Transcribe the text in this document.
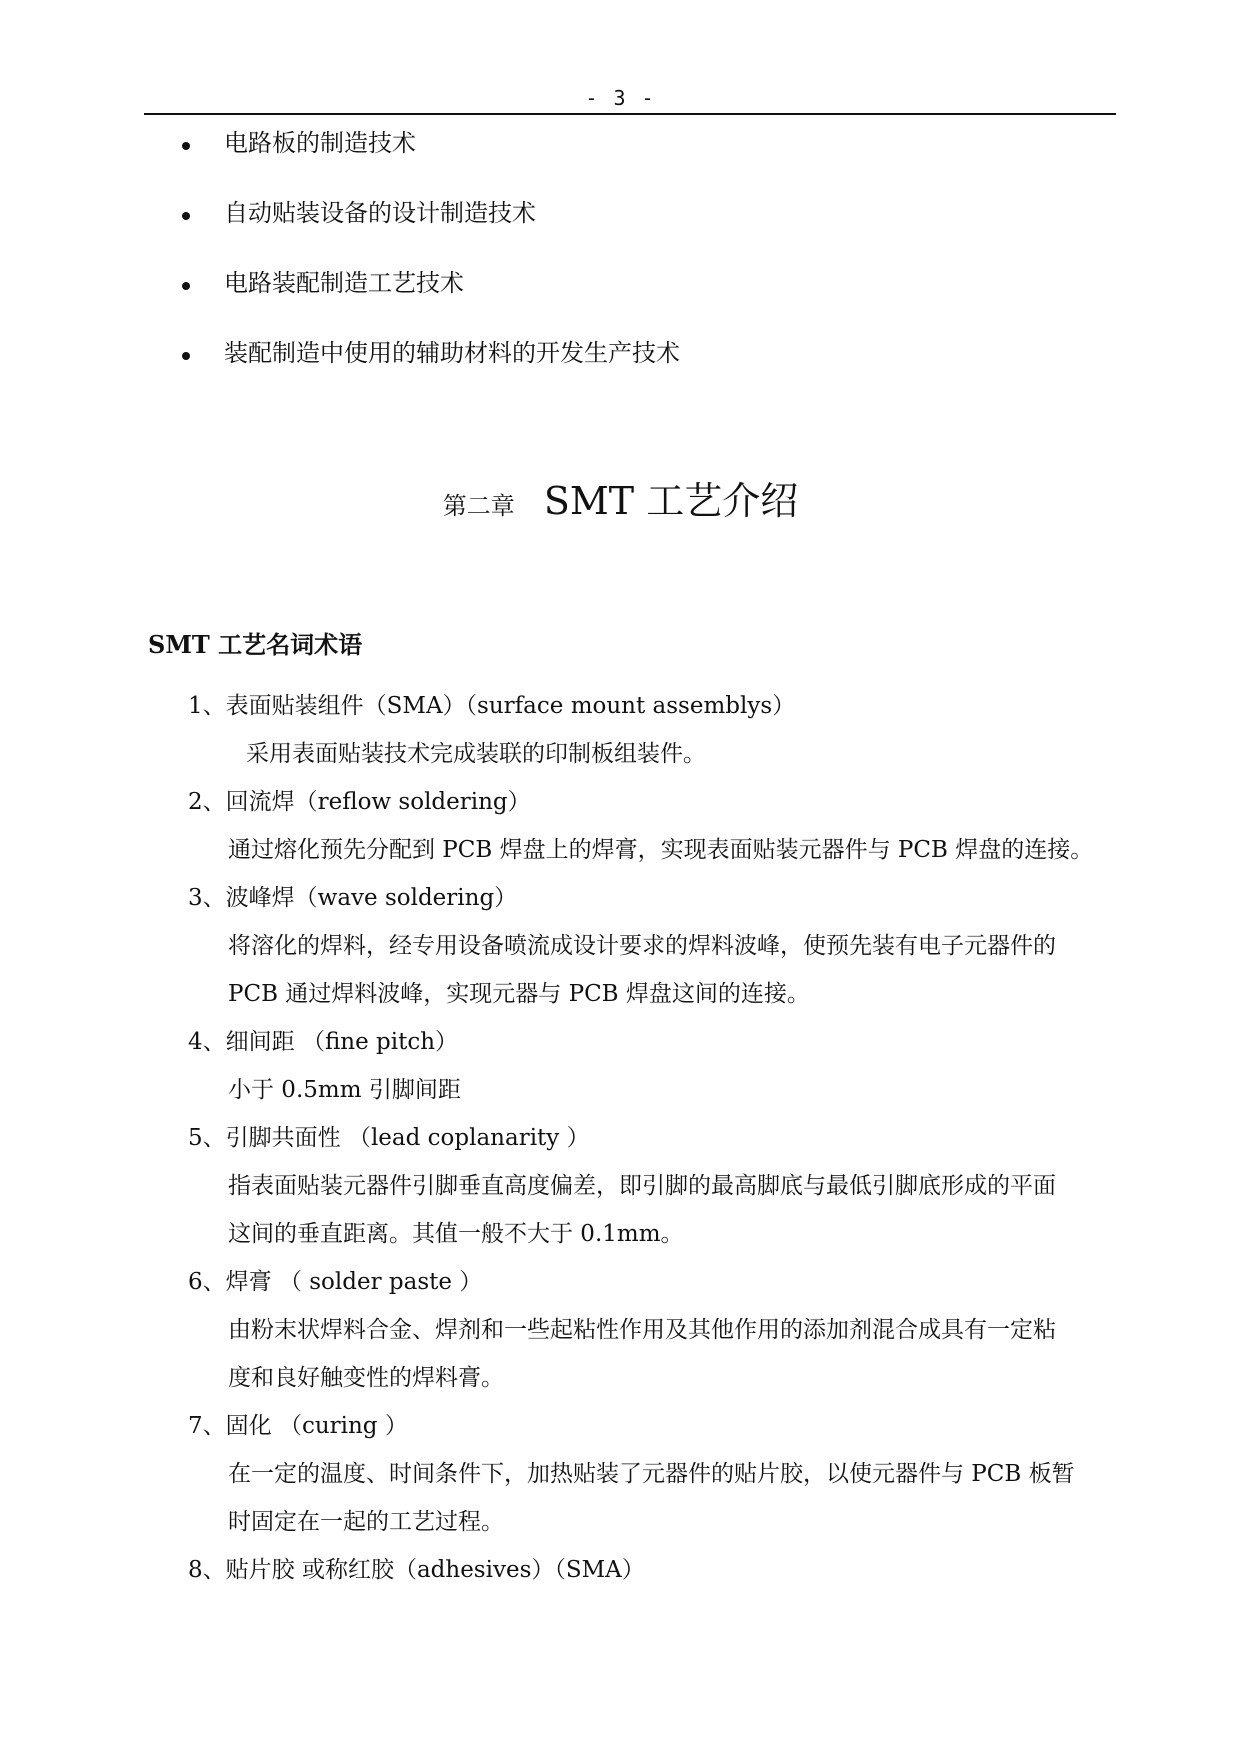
- 3 -
电路板的制造技术
自动贴装设备的设计制造技术
电路装配制造工艺技术
装配制造中使用的辅助材料的开发生产技术
第二章 SMT 工艺介绍
SMT 工艺名词术语

1、表面贴装组件（SMA）（surface mount assemblys）

采用表面贴装技术完成装联的印制板组装件。

2、回流焊（reflow soldering）

通过熔化预先分配到 PCB 焊盘上的焊膏，实现表面贴装元器件与 PCB 焊盘的连接。

3、波峰焊（wave soldering）

将溶化的焊料，经专用设备喷流成设计要求的焊料波峰，使预先装有电子元器件的

PCB 通过焊料波峰，实现元器与 PCB 焊盘这间的连接。

4、细间距 （fine pitch）

小于 0.5mm 引脚间距

5、引脚共面性 （lead coplanarity ）

指表面贴装元器件引脚垂直高度偏差，即引脚的最高脚底与最低引脚底形成的平面

这间的垂直距离。其值一般不大于 0.1mm。

6、焊膏 （ solder paste ）

由粉末状焊料合金、焊剂和一些起粘性作用及其他作用的添加剂混合成具有一定粘

度和良好触变性的焊料膏。

7、固化 （curing ）

在一定的温度、时间条件下，加热贴装了元器件的贴片胶，以使元器件与 PCB 板暂

时固定在一起的工艺过程。

8、贴片胶 或称红胶（adhesives）（SMA）
